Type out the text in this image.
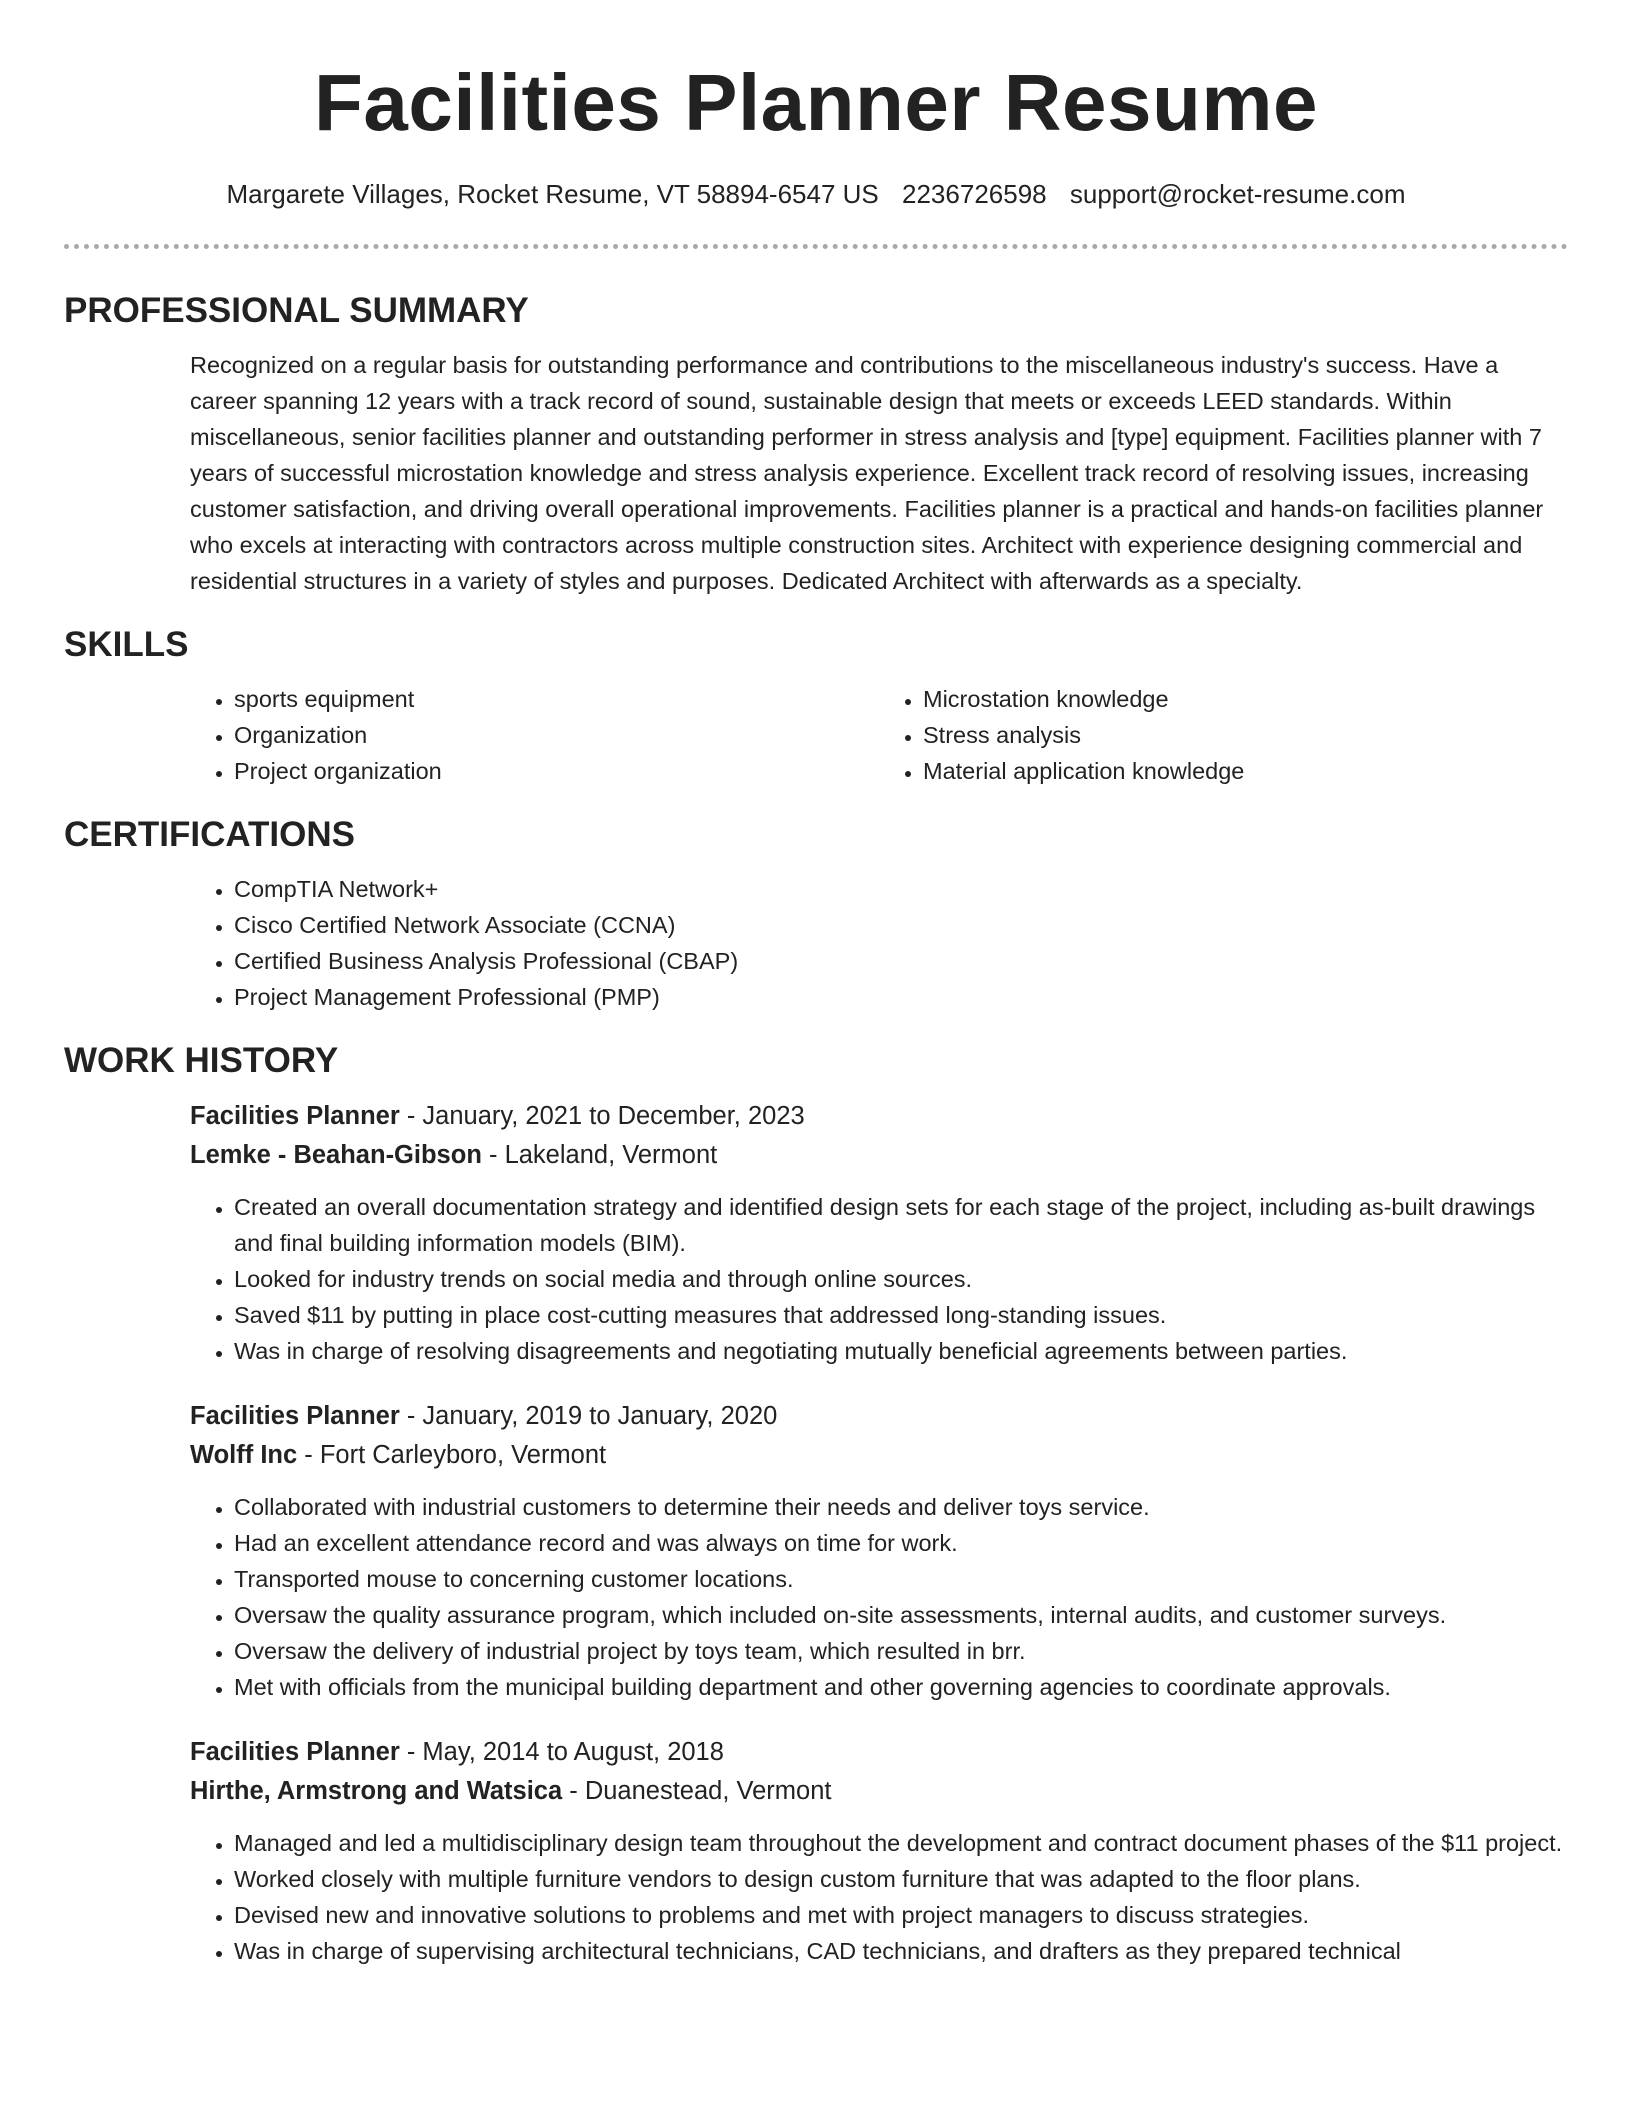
Facilities Planner Resume
Margarete Villages, Rocket Resume, VT 58894-6547 US 2236726598 support@rocket-resume.com
PROFESSIONAL SUMMARY

Recognized on a regular basis for outstanding performance and contributions to the miscellaneous industry's success. Have a career spanning 12 years with a track record of sound, sustainable design that meets or exceeds LEED standards. Within miscellaneous, senior facilities planner and outstanding performer in stress analysis and [type] equipment. Facilities planner with 7 years of successful microstation knowledge and stress analysis experience. Excellent track record of resolving issues, increasing customer satisfaction, and driving overall operational improvements. Facilities planner is a practical and hands-on facilities planner who excels at interacting with contractors across multiple construction sites. Architect with experience designing commercial and residential structures in a variety of styles and purposes. Dedicated Architect with afterwards as a specialty.

SKILLS
• sports equipment
• Organization
• Project organization
• Microstation knowledge
• Stress analysis
• Material application knowledge
CERTIFICATIONS
• CompTIA Network+
• Cisco Certified Network Associate (CCNA)
• Certified Business Analysis Professional (CBAP)
• Project Management Professional (PMP)
WORK HISTORY
Facilities Planner - January, 2021 to December, 2023
Lemke - Beahan-Gibson - Lakeland, Vermont
• Created an overall documentation strategy and identified design sets for each stage of the project, including as-built drawings and final building information models (BIM).
• Looked for industry trends on social media and through online sources.
• Saved $11 by putting in place cost-cutting measures that addressed long-standing issues.
• Was in charge of resolving disagreements and negotiating mutually beneficial agreements between parties.
Facilities Planner - January, 2019 to January, 2020
Wolff Inc - Fort Carleyboro, Vermont
• Collaborated with industrial customers to determine their needs and deliver toys service.
• Had an excellent attendance record and was always on time for work.
• Transported mouse to concerning customer locations.
• Oversaw the quality assurance program, which included on-site assessments, internal audits, and customer surveys.
• Oversaw the delivery of industrial project by toys team, which resulted in brr.
• Met with officials from the municipal building department and other governing agencies to coordinate approvals.
Facilities Planner - May, 2014 to August, 2018
Hirthe, Armstrong and Watsica - Duanestead, Vermont
• Managed and led a multidisciplinary design team throughout the development and contract document phases of the $11 project.
• Worked closely with multiple furniture vendors to design custom furniture that was adapted to the floor plans.
• Devised new and innovative solutions to problems and met with project managers to discuss strategies.
• Was in charge of supervising architectural technicians, CAD technicians, and drafters as they prepared technical
